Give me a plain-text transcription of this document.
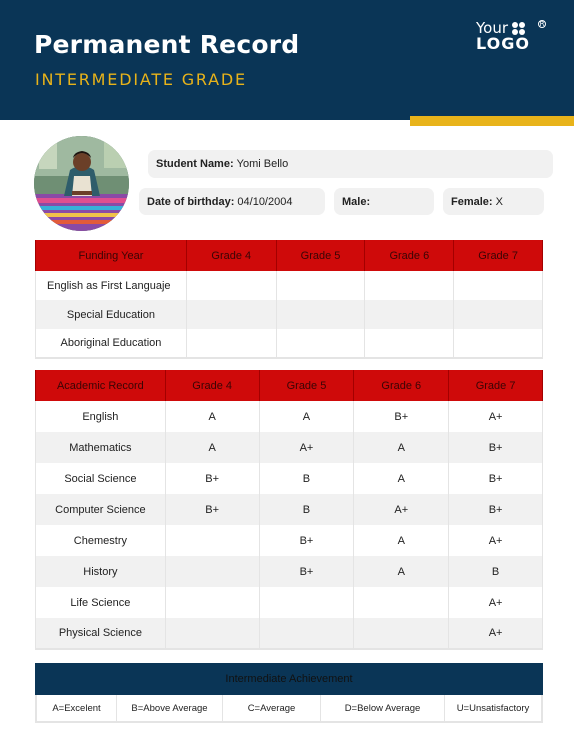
Permanent Record
INTERMEDIATE GRADE
Your
LOGO
R
Student Name: Yomi Bello
Date of birthday: 04/10/2004	Male:	Female: X
Funding Year	Grade 4	Grade 5	Grade 6	Grade 7
English as First Languaje				
Special Education				
Aboriginal Education				
Academic Record	Grade 4	Grade 5	Grade 6	Grade 7
English	A	A	B+	A+
Mathematics	A	A+	A	B+
Social Science	B+	B	A	B+
Computer Science	B+	B	A+	B+
Chemestry		B+	A	A+
History		B+	A	B
Life Science				A+
Physical Science				A+
Intermediate Achievement
A=Excelent	B=Above Average	C=Average	D=Below Average	U=Unsatisfactory
